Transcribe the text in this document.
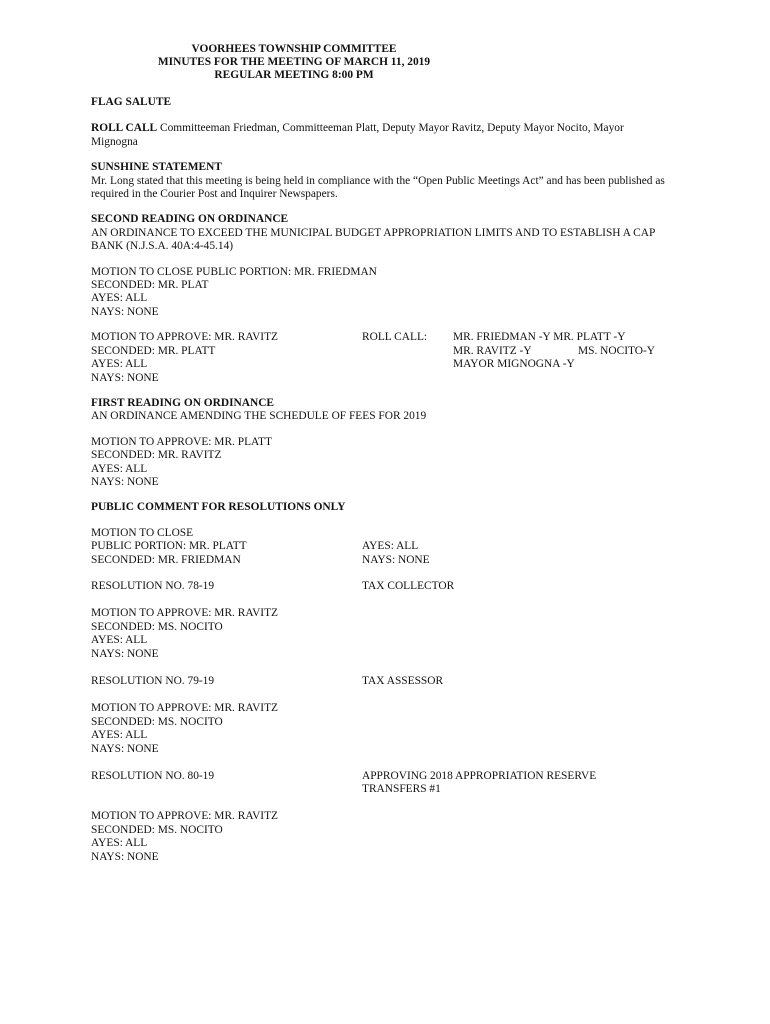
VOORHEES TOWNSHIP COMMITTEE
MINUTES FOR THE MEETING OF MARCH 11, 2019
REGULAR MEETING 8:00 PM
FLAG SALUTE
ROLL CALL Committeeman Friedman, Committeeman Platt, Deputy Mayor Ravitz, Deputy Mayor Nocito, Mayor Mignogna
SUNSHINE STATEMENT
Mr. Long stated that this meeting is being held in compliance with the “Open Public Meetings Act” and has been published as required in the Courier Post and Inquirer Newspapers.
SECOND READING ON ORDINANCE
AN ORDINANCE TO EXCEED THE MUNICIPAL BUDGET APPROPRIATION LIMITS AND TO ESTABLISH A CAP BANK (N.J.S.A. 40A:4-45.14)
MOTION TO CLOSE PUBLIC PORTION: MR. FRIEDMAN
SECONDED: MR. PLAT
AYES: ALL
NAYS: NONE
MOTION TO APPROVE: MR. RAVITZ
SECONDED: MR. PLATT
AYES: ALL
NAYS: NONE
ROLL CALL: MR. FRIEDMAN -Y MR. PLATT -Y
MR. RAVITZ -Y	MS. NOCITO-Y
MAYOR MIGNOGNA -Y
FIRST READING ON ORDINANCE
AN ORDINANCE AMENDING THE SCHEDULE OF FEES FOR 2019
MOTION TO APPROVE: MR. PLATT
SECONDED: MR. RAVITZ
AYES: ALL
NAYS: NONE
PUBLIC COMMENT FOR RESOLUTIONS ONLY
MOTION TO CLOSE
PUBLIC PORTION: MR. PLATT
SECONDED: MR. FRIEDMAN
AYES: ALL
NAYS: NONE
RESOLUTION NO. 78-19	TAX COLLECTOR
MOTION TO APPROVE: MR. RAVITZ
SECONDED: MS. NOCITO
AYES: ALL
NAYS: NONE
RESOLUTION NO. 79-19	TAX ASSESSOR
MOTION TO APPROVE: MR. RAVITZ
SECONDED: MS. NOCITO
AYES: ALL
NAYS: NONE
RESOLUTION NO. 80-19	APPROVING 2018 APPROPRIATION RESERVE
TRANSFERS #1
MOTION TO APPROVE: MR. RAVITZ
SECONDED: MS. NOCITO
AYES: ALL
NAYS: NONE
